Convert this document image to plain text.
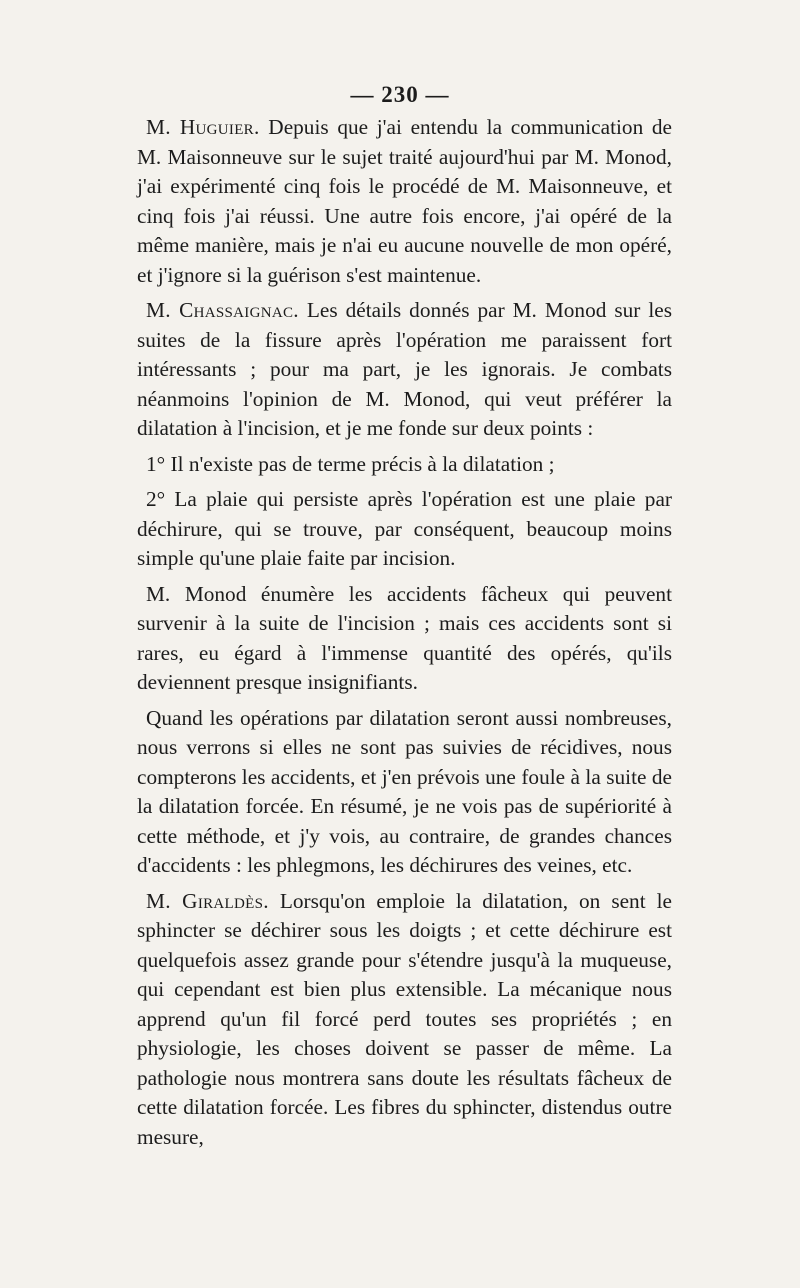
— 230 —

M. Huguier. Depuis que j'ai entendu la communication de M. Maisonneuve sur le sujet traité aujourd'hui par M. Monod, j'ai expérimenté cinq fois le procédé de M. Maisonneuve, et cinq fois j'ai réussi. Une autre fois encore, j'ai opéré de la même manière, mais je n'ai eu aucune nouvelle de mon opéré, et j'ignore si la guérison s'est maintenue.

M. Chassaignac. Les détails donnés par M. Monod sur les suites de la fissure après l'opération me paraissent fort intéressants ; pour ma part, je les ignorais. Je combats néanmoins l'opinion de M. Monod, qui veut préférer la dilatation à l'incision, et je me fonde sur deux points :

1° Il n'existe pas de terme précis à la dilatation ;

2° La plaie qui persiste après l'opération est une plaie par déchirure, qui se trouve, par conséquent, beaucoup moins simple qu'une plaie faite par incision.

M. Monod énumère les accidents fâcheux qui peuvent survenir à la suite de l'incision ; mais ces accidents sont si rares, eu égard à l'immense quantité des opérés, qu'ils deviennent presque insignifiants.

Quand les opérations par dilatation seront aussi nombreuses, nous verrons si elles ne sont pas suivies de récidives, nous compterons les accidents, et j'en prévois une foule à la suite de la dilatation forcée. En résumé, je ne vois pas de supériorité à cette méthode, et j'y vois, au contraire, de grandes chances d'accidents : les phlegmons, les déchirures des veines, etc.

M. Giraldès. Lorsqu'on emploie la dilatation, on sent le sphincter se déchirer sous les doigts ; et cette déchirure est quelquefois assez grande pour s'étendre jusqu'à la muqueuse, qui cependant est bien plus extensible. La mécanique nous apprend qu'un fil forcé perd toutes ses propriétés ; en physiologie, les choses doivent se passer de même. La pathologie nous montrera sans doute les résultats fâcheux de cette dilatation forcée. Les fibres du sphincter, distendus outre mesure,
